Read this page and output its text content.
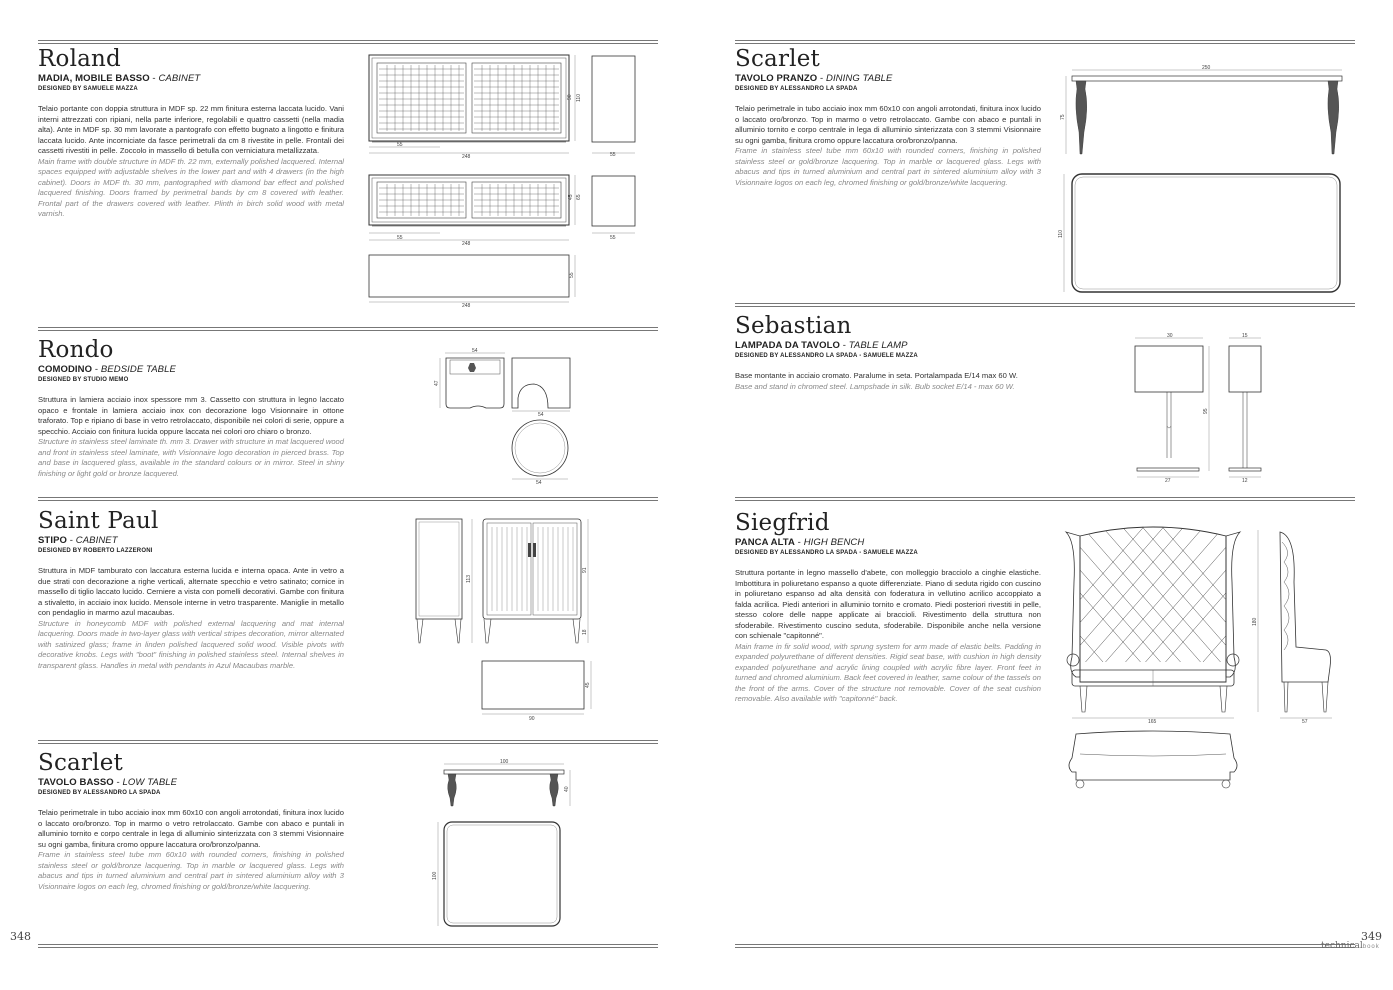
Roland
MADIA, MOBILE BASSO - CABINET
DESIGNED BY SAMUELE MAZZA
Telaio portante con doppia struttura in MDF sp. 22 mm finitura esterna laccata lucido. Vani interni attrezzati con ripiani, nella parte inferiore, regolabili e quattro cassetti (nella madia alta). Ante in MDF sp. 30 mm lavorate a pantografo con effetto bugnato a lingotto e finitura laccata lucido. Ante incorniciate da fasce perimetrali da cm 8 rivestite in pelle. Frontali dei cassetti rivestiti in pelle. Zoccolo in massello di betulla con verniciatura metallizzata.
Main frame with double structure in MDF th. 22 mm, externally polished lacquered. Internal spaces equipped with adjustable shelves in the lower part and with 4 drawers (in the high cabinet). Doors in MDF th. 30 mm, pantographed with diamond bar effect and polished lacquered finishing. Doors framed by perimetral bands by cm 8 covered with leather. Frontal part of the drawers covered with leather. Plinth in birch solid wood with metal varnish.
55
248
90 110
55
55
248
45 65
55
248
55
Rondo
COMODINO - BEDSIDE TABLE
DESIGNED BY STUDIO MEMO
Struttura in lamiera acciaio inox spessore mm 3. Cassetto con struttura in legno laccato opaco e frontale in lamiera acciaio inox con decorazione logo Visionnaire in ottone traforato. Top e ripiano di base in vetro retrolaccato, disponibile nei colori di serie, oppure a specchio. Acciaio con finitura lucida oppure laccata nei colori oro chiaro o bronzo.
Structure in stainless steel laminate th. mm 3. Drawer with structure in mat lacquered wood and front in stainless steel laminate, with Visionnaire logo decoration in pierced brass. Top and base in lacquered glass, available in the standard colours or in mirror. Steel in shiny finishing or light gold or bronze lacquered.
54
47
54
54
Saint Paul
STIPO - CABINET
DESIGNED BY ROBERTO LAZZERONI
Struttura in MDF tamburato con laccatura esterna lucida e interna opaca. Ante in vetro a due strati con decorazione a righe verticali, alternate specchio e vetro satinato; cornice in massello di tiglio laccato lucido. Cerniere a vista con pomelli decorativi. Gambe con finitura a stivaletto, in acciaio inox lucido. Mensole interne in vetro trasparente. Maniglie in metallo con pendaglio in marmo azul macaubas.
Structure in honeycomb MDF with polished external lacquering and mat internal lacquering. Doors made in two-layer glass with vertical stripes decoration, mirror alternated with satinized glass; frame in linden polished lacquered solid wood. Visible pivots with decorative knobs. Legs with "boot" finishing in polished stainless steel. Internal shelves in transparent glass. Handles in metal with pendants in Azul Macaubas marble.
113
91
18
90
45
Scarlet
TAVOLO BASSO - LOW TABLE
DESIGNED BY ALESSANDRO LA SPADA
Telaio perimetrale in tubo acciaio inox mm 60x10 con angoli arrotondati, finitura inox lucido o laccato oro/bronzo. Top in marmo o vetro retrolaccato. Gambe con abaco e puntali in alluminio tornito e corpo centrale in lega di alluminio sinterizzata con 3 stemmi Visionnaire su ogni gamba, finitura cromo oppure laccatura oro/bronzo/panna.
Frame in stainless steel tube mm 60x10 with rounded corners, finishing in polished stainless steel or gold/bronze lacquering. Top in marble or lacquered glass. Legs with abacus and tips in turned aluminium and central part in sintered aluminium alloy with 3 Visionnaire logos on each leg, chromed finishing or gold/bronze/white lacquering.
100
40
100
Scarlet
TAVOLO PRANZO - DINING TABLE
DESIGNED BY ALESSANDRO LA SPADA
Telaio perimetrale in tubo acciaio inox mm 60x10 con angoli arrotondati, finitura inox lucido o laccato oro/bronzo. Top in marmo o vetro retrolaccato. Gambe con abaco e puntali in alluminio tornito e corpo centrale in lega di alluminio sinterizzata con 3 stemmi Visionnaire su ogni gamba, finitura cromo oppure laccatura oro/bronzo/panna.
Frame in stainless steel tube mm 60x10 with rounded corners, finishing in polished stainless steel or gold/bronze lacquering. Top in marble or lacquered glass. Legs with abacus and tips in turned aluminium and central part in sintered aluminium alloy with 3 Visionnaire logos on each leg, chromed finishing or gold/bronze/white lacquering.
250
75
110
Sebastian
LAMPADA DA TAVOLO - TABLE LAMP
DESIGNED BY ALESSANDRO LA SPADA - SAMUELE MAZZA
Base montante in acciaio cromato. Paralume in seta. Portalampada E/14 max 60 W.
Base and stand in chromed steel. Lampshade in silk. Bulb socket E/14 - max 60 W.
30
27
95
15
12
Siegfrid
PANCA ALTA - HIGH BENCH
DESIGNED BY ALESSANDRO LA SPADA - SAMUELE MAZZA
Struttura portante in legno massello d'abete, con molleggio bracciolo a cinghie elastiche. Imbottitura in poliuretano espanso a quote differenziate. Piano di seduta rigido con cuscino in poliuretano espanso ad alta densità con foderatura in vellutino acrilico accoppiato a falda acrilica. Piedi anteriori in alluminio tornito e cromato. Piedi posteriori rivestiti in pelle, stesso colore delle nappe applicate ai braccioli. Rivestimento della struttura non sfoderabile. Rivestimento cuscino seduta, sfoderabile. Disponibile anche nella versione con schienale "capitonné".
Main frame in fir solid wood, with sprung system for arm made of elastic belts. Padding in expanded polyurethane of different densities. Rigid seat base, with cushion in high density expanded polyurethane and acrylic lining coupled with acrylic fibre layer. Front feet in turned and chromed aluminium. Back feet covered in leather, same colour of the tassels on the front of the arms. Cover of the structure not removable. Cover of the seat cushion removable. Also available with "capitonné" back.
165
180
57
348	349
technicalbook
